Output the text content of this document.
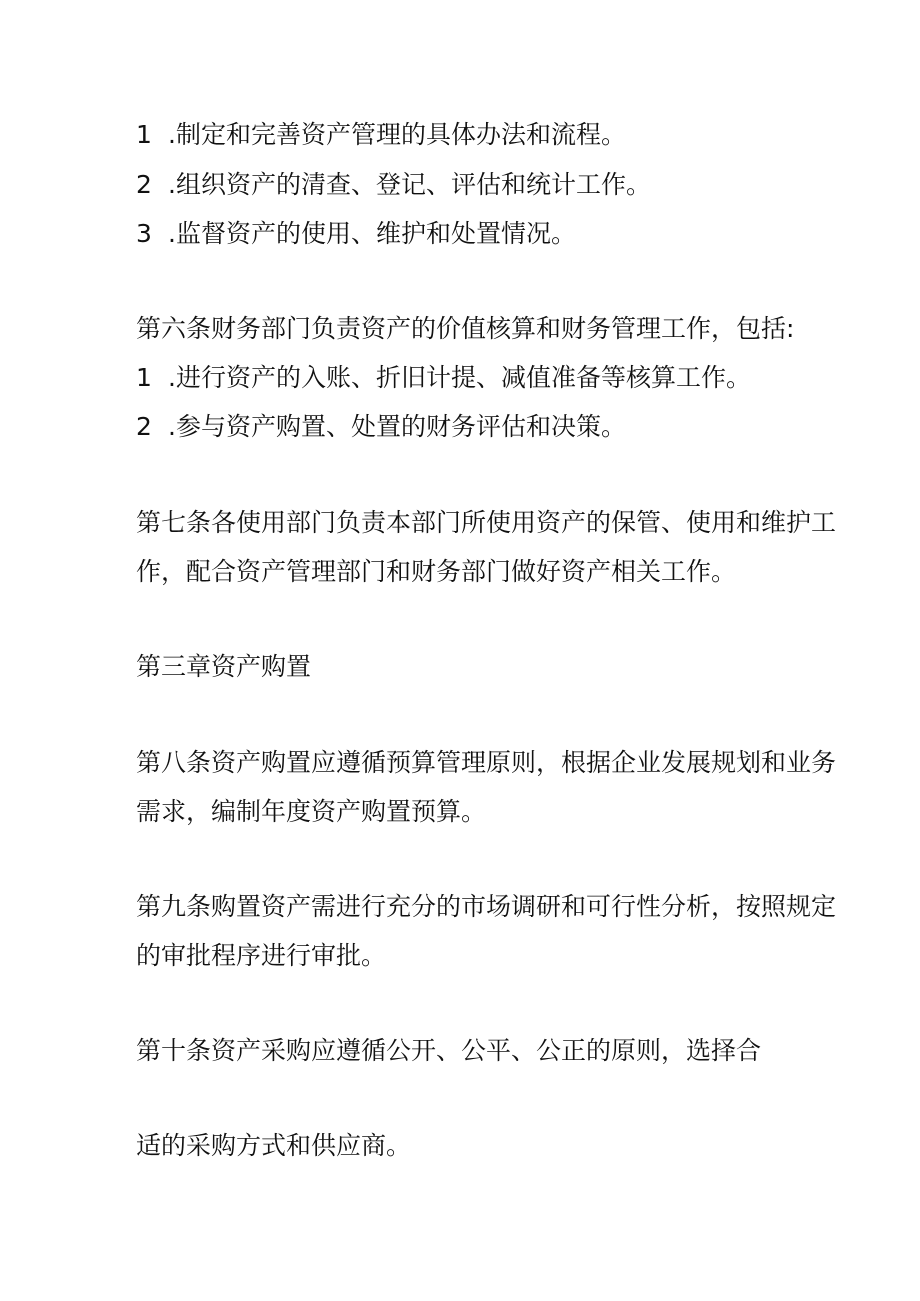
1 .制定和完善资产管理的具体办法和流程。
2 .组织资产的清查、登记、评估和统计工作。
3 .监督资产的使用、维护和处置情况。
第六条财务部门负责资产的价值核算和财务管理工作，包括:
1 .进行资产的入账、折旧计提、减值准备等核算工作。
2 .参与资产购置、处置的财务评估和决策。
第七条各使用部门负责本部门所使用资产的保管、使用和维护工
作，配合资产管理部门和财务部门做好资产相关工作。
第三章资产购置
第八条资产购置应遵循预算管理原则，根据企业发展规划和业务
需求，编制年度资产购置预算。
第九条购置资产需进行充分的市场调研和可行性分析，按照规定
的审批程序进行审批。
第十条资产采购应遵循公开、公平、公正的原则，选择合
适的采购方式和供应商。
